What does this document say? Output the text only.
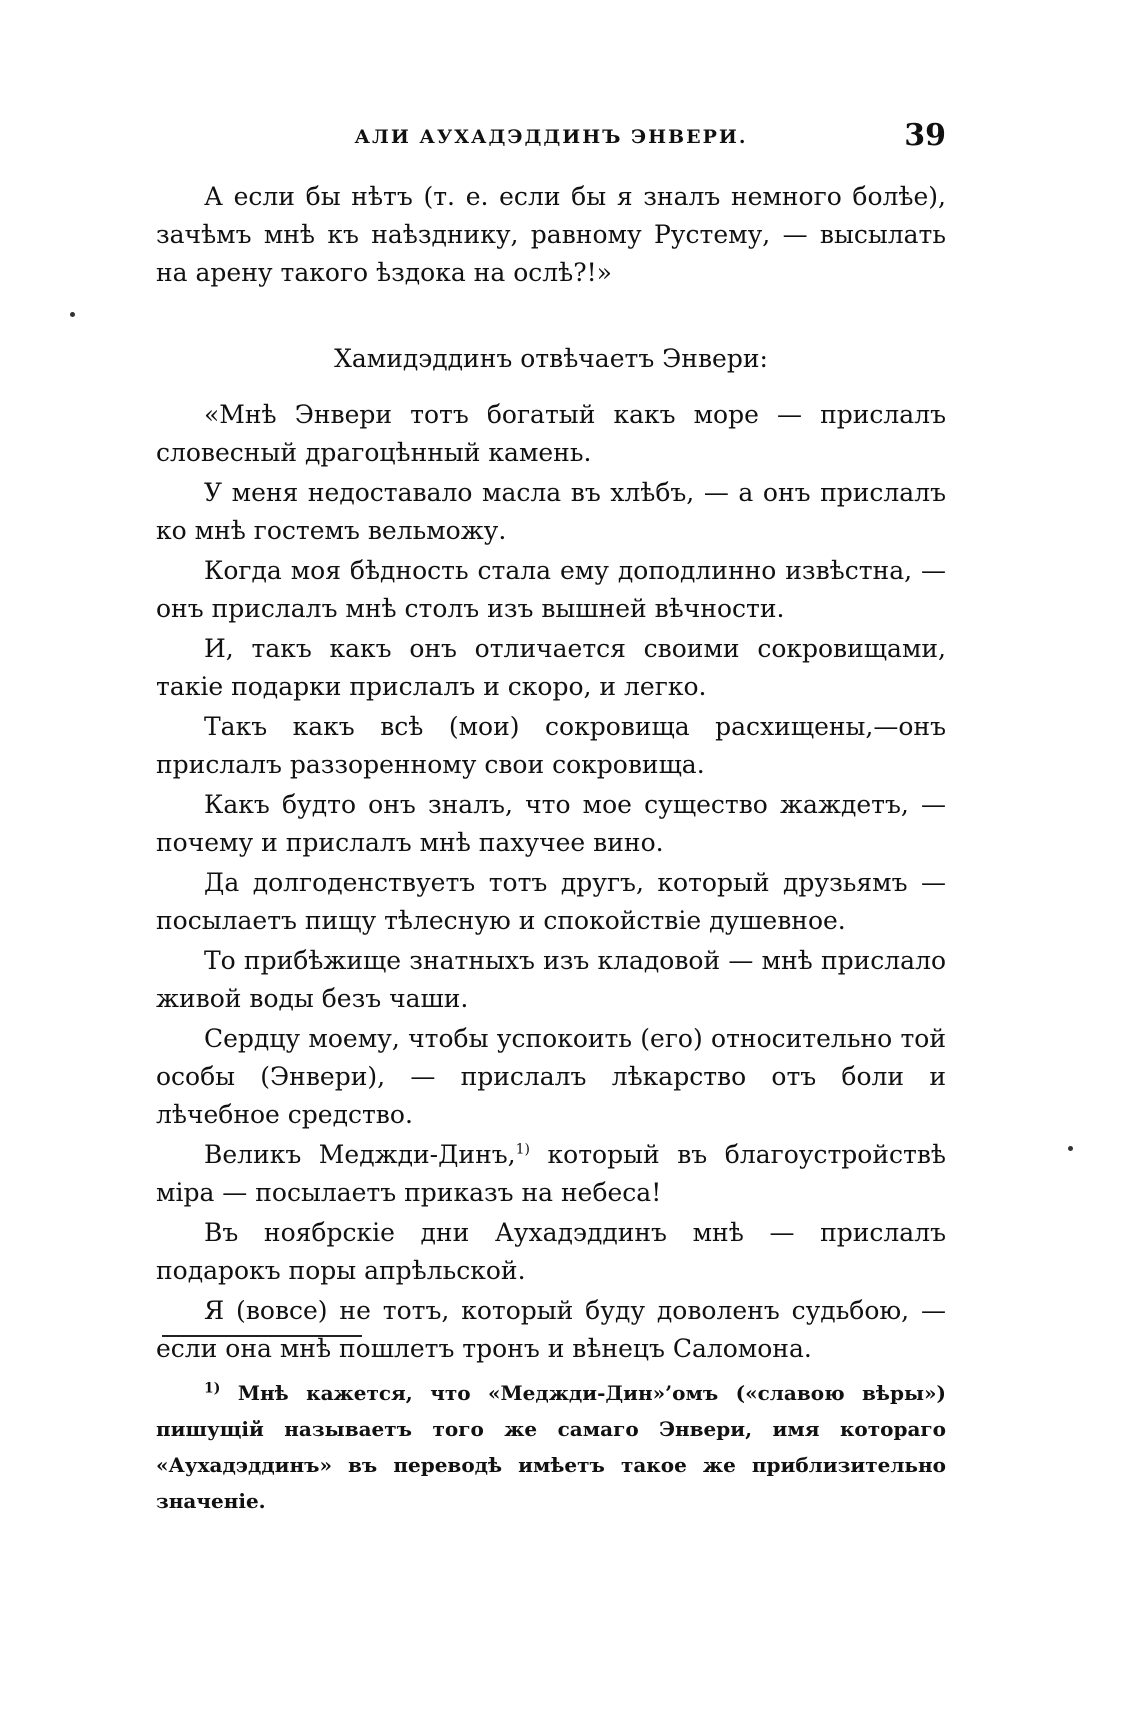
АЛИ АУХАДЭДДИНЪ ЭНВЕРИ.	39

А если бы нѣтъ (т. е. если бы я зналъ немного болѣе), зачѣмъ мнѣ къ наѣзднику, равному Рустему, — высылать на арену такого ѣздока на ослѣ?!»

Хамидэддинъ отвѣчаетъ Энвери:

«Мнѣ Энвери тотъ богатый какъ море — прислалъ словесный драгоцѣнный камень.

У меня недоставало масла въ хлѣбъ, — а онъ прислалъ ко мнѣ гостемъ вельможу.

Когда моя бѣдность стала ему доподлинно извѣстна, — онъ прислалъ мнѣ столъ изъ вышней вѣчности.

И, такъ какъ онъ отличается своими сокровищами, такіе подарки прислалъ и скоро, и легко.

Такъ какъ всѣ (мои) сокровища расхищены,—онъ прислалъ раззоренному свои сокровища.

Какъ будто онъ зналъ, что мое существо жаждетъ, — почему и прислалъ мнѣ пахучее вино.

Да долгоденствуетъ тотъ другъ, который друзьямъ — посылаетъ пищу тѣлесную и спокойствіе душевное.

То прибѣжище знатныхъ изъ кладовой — мнѣ прислало живой воды безъ чаши.

Сердцу моему, чтобы успокоить (его) относительно той особы (Энвери), — прислалъ лѣкарство отъ боли и лѣчебное средство.

Великъ Меджди-Динъ,$^{1)}$ который въ благоустройствѣ міра — посылаетъ приказъ на небеса!

Въ ноябрскіе дни Аухадэддинъ мнѣ — прислалъ подарокъ поры апрѣльской.

Я (вовсе) не тотъ, который буду доволенъ судьбою, — если она мнѣ пошлетъ тронъ и вѣнецъ Саломона.

$^{1)}$ Мнѣ кажется, что «Меджди-Дин»’омъ («славою вѣры») пишущій называетъ того же самаго Энвери, имя котораго «Аухадэддинъ» въ переводѣ имѣетъ такое же приблизительно значеніе.
